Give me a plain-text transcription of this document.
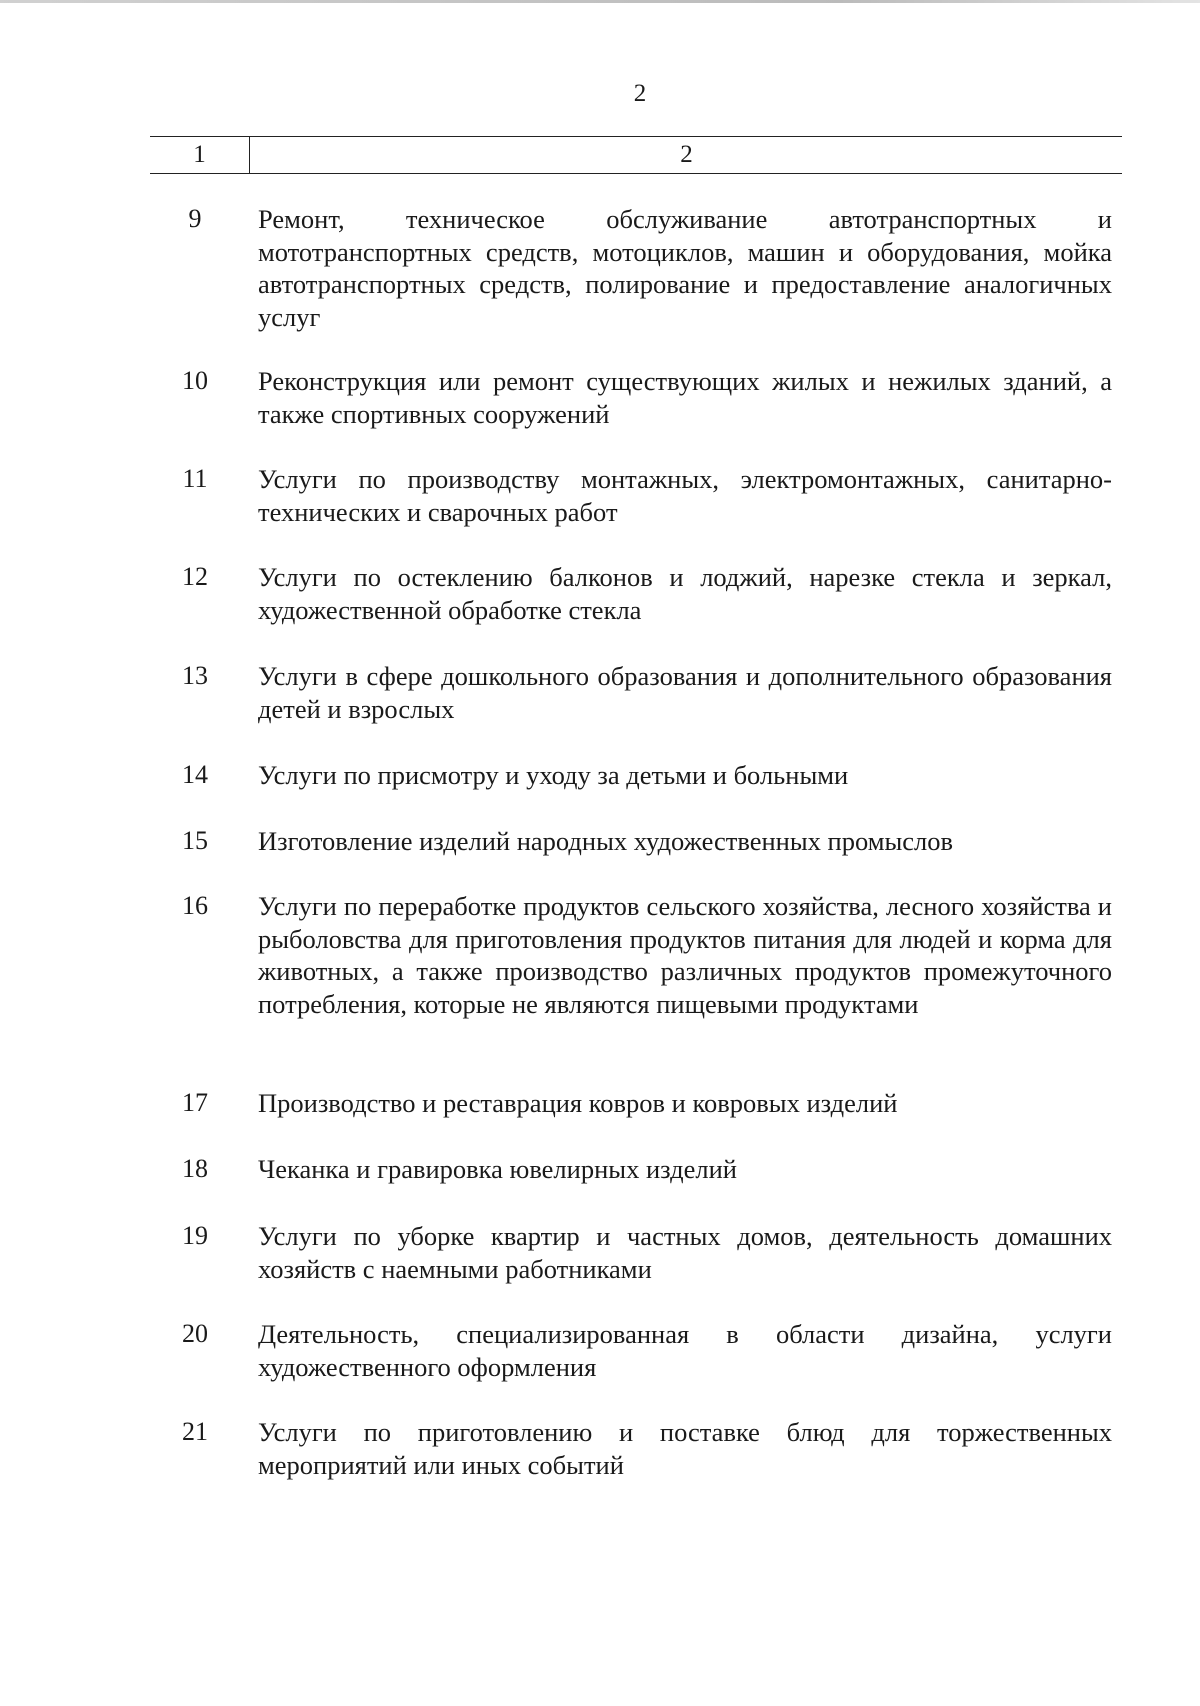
2
1	2
9	Ремонт, техническое обслуживание автотранспортных и мототранспортных средств, мотоциклов, машин и оборудования, мойка автотранспортных средств, полирование и предоставление аналогичных услуг
10	Реконструкция или ремонт существующих жилых и нежилых зданий, а также спортивных сооружений
11	Услуги по производству монтажных, электромонтажных, санитарно-технических и сварочных работ
12	Услуги по остеклению балконов и лоджий, нарезке стекла и зеркал, художественной обработке стекла
13	Услуги в сфере дошкольного образования и дополнительного образования детей и взрослых
14	Услуги по присмотру и уходу за детьми и больными
15	Изготовление изделий народных художественных промыслов
16	Услуги по переработке продуктов сельского хозяйства, лесного хозяйства и рыболовства для приготовления продуктов питания для людей и корма для животных, а также производство различных продуктов промежуточного потребления, которые не являются пищевыми продуктами
17	Производство и реставрация ковров и ковровых изделий
18	Чеканка и гравировка ювелирных изделий
19	Услуги по уборке квартир и частных домов, деятельность домашних хозяйств с наемными работниками
20	Деятельность, специализированная в области дизайна, услуги художественного оформления
21	Услуги по приготовлению и поставке блюд для торжественных мероприятий или иных событий
